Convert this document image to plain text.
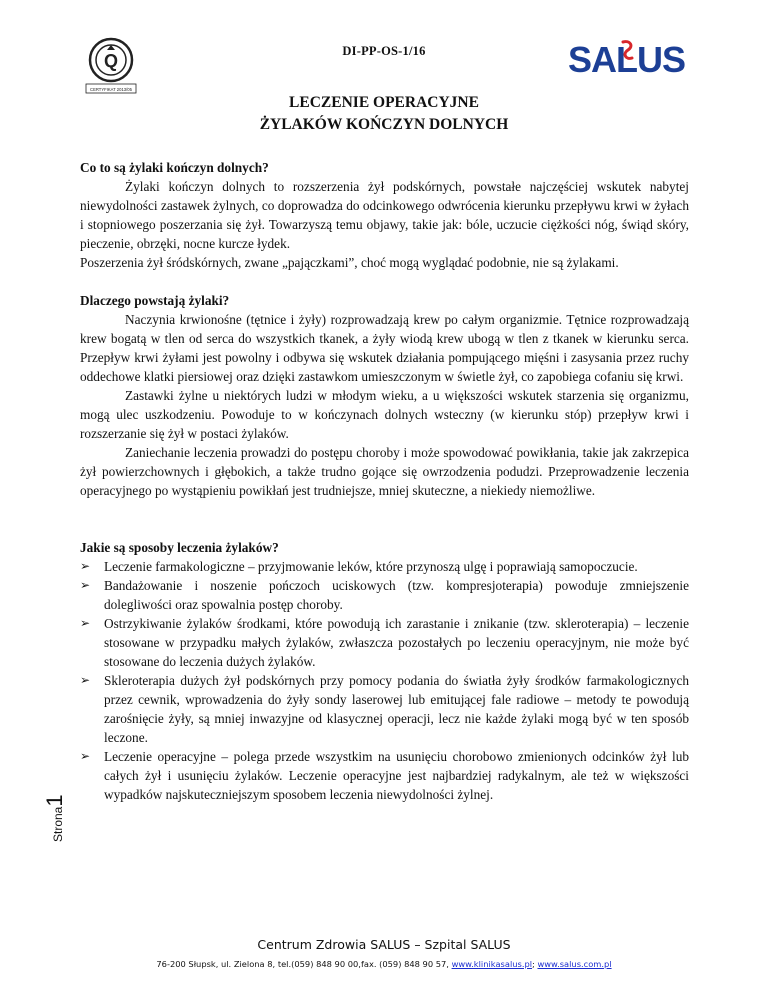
Q
CERTYFIKAT 2013/05
DI-PP-OS-1/16	SALUS
LECZENIE OPERACYJNE
ŻYLAKÓW KOŃCZYN DOLNYCH

Co to są żylaki kończyn dolnych?

Żylaki kończyn dolnych to rozszerzenia żył podskórnych, powstałe najczęściej wskutek nabytej niewydolności zastawek żylnych, co doprowadza do odcinkowego odwrócenia kierunku przepływu krwi w żyłach i stopniowego poszerzania się żył. Towarzyszą temu objawy, takie jak: bóle, uczucie ciężkości nóg, świąd skóry, pieczenie, obrzęki, nocne kurcze łydek.

Poszerzenia żył śródskórnych, zwane „pajączkami”, choć mogą wyglądać podobnie, nie są żylakami.

Dlaczego powstają żylaki?

Naczynia krwionośne (tętnice i żyły) rozprowadzają krew po całym organizmie. Tętnice rozprowadzają krew bogatą w tlen od serca do wszystkich tkanek, a żyły wiodą krew ubogą w tlen z tkanek w kierunku serca. Przepływ krwi żyłami jest powolny i odbywa się wskutek działania pompującego mięśni i zasysania przez ruchy oddechowe klatki piersiowej oraz dzięki zastawkom umieszczonym w świetle żył, co zapobiega cofaniu się krwi.

Zastawki żylne u niektórych ludzi w młodym wieku, a u większości wskutek starzenia się organizmu, mogą ulec uszkodzeniu. Powoduje to w kończynach dolnych wsteczny (w kierunku stóp) przepływ krwi i rozszerzanie się żył w postaci żylaków.

Zaniechanie leczenia prowadzi do postępu choroby i może spowodować powikłania, takie jak zakrzepica żył powierzchownych i głębokich, a także trudno gojące się owrzodzenia podudzi. Przeprowadzenie leczenia operacyjnego po wystąpieniu powikłań jest trudniejsze, mniej skuteczne, a niekiedy niemożliwe.

Jakie są sposoby leczenia żylaków?

➢ Leczenie farmakologiczne – przyjmowanie leków, które przynoszą ulgę i poprawiają samopoczucie.
➢ Bandażowanie i noszenie pończoch uciskowych (tzw. kompresjoterapia) powoduje zmniejszenie dolegliwości oraz spowalnia postęp choroby.
➢ Ostrzykiwanie żylaków środkami, które powodują ich zarastanie i znikanie (tzw. skleroterapia) – leczenie stosowane w przypadku małych żylaków, zwłaszcza pozostałych po leczeniu operacyjnym, nie może być stosowane do leczenia dużych żylaków.
➢ Skleroterapia dużych żył podskórnych przy pomocy podania do światła żyły środków farmakologicznych przez cewnik, wprowadzenia do żyły sondy laserowej lub emitującej fale radiowe – metody te powodują zarośnięcie żyły, są mniej inwazyjne od klasycznej operacji, lecz nie każde żylaki mogą być w ten sposób leczone.
➢ Leczenie operacyjne – polega przede wszystkim na usunięciu chorobowo zmienionych odcinków żył lub całych żył i usunięciu żylaków. Leczenie operacyjne jest najbardziej radykalnym, ale też w większości wypadków najskuteczniejszym sposobem leczenia niewydolności żylnej.
Strona1
Centrum Zdrowia SALUS – Szpital SALUS
76-200 Słupsk, ul. Zielona 8, tel.(059) 848 90 00,fax. (059) 848 90 57, www.klinikasalus.pl; www.salus.com.pl
